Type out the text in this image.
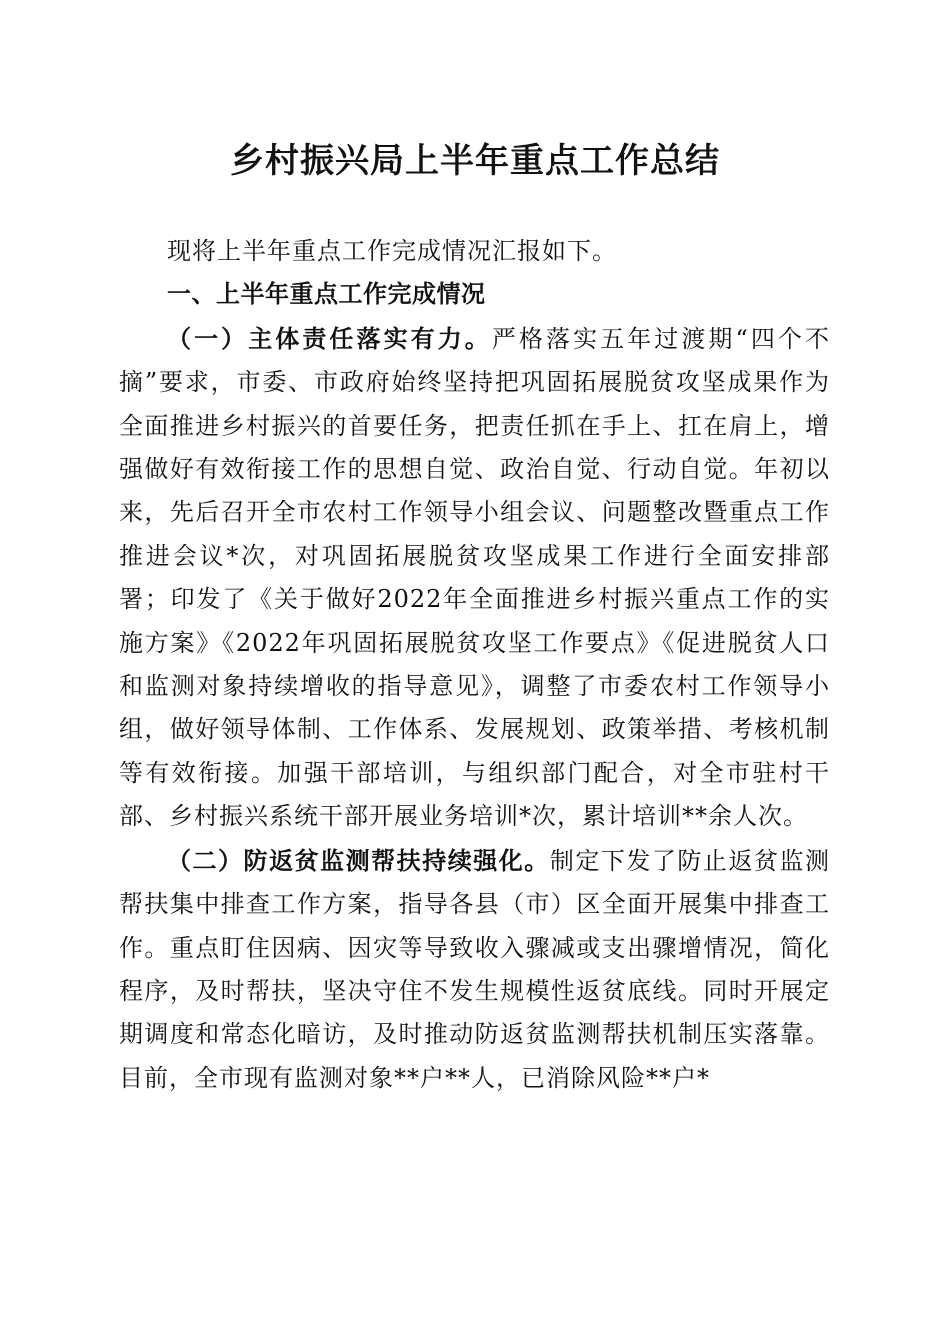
乡村振兴局上半年重点工作总结

现将上半年重点工作完成情况汇报如下。

一、上半年重点工作完成情况

（一）主体责任落实有力。严格落实五年过渡期“四个不摘”要求，市委、市政府始终坚持把巩固拓展脱贫攻坚成果作为全面推进乡村振兴的首要任务，把责任抓在手上、扛在肩上，增强做好有效衔接工作的思想自觉、政治自觉、行动自觉。年初以来，先后召开全市农村工作领导小组会议、问题整改暨重点工作推进会议*次，对巩固拓展脱贫攻坚成果工作进行全面安排部署；印发了《关于做好2022年全面推进乡村振兴重点工作的实施方案》《2022年巩固拓展脱贫攻坚工作要点》《促进脱贫人口和监测对象持续增收的指导意见》，调整了市委农村工作领导小组，做好领导体制、工作体系、发展规划、政策举措、考核机制等有效衔接。加强干部培训，与组织部门配合，对全市驻村干部、乡村振兴系统干部开展业务培训*次，累计培训**余人次。

（二）防返贫监测帮扶持续强化。制定下发了防止返贫监测帮扶集中排查工作方案，指导各县（市）区全面开展集中排查工作。重点盯住因病、因灾等导致收入骤减或支出骤增情况，简化程序，及时帮扶，坚决守住不发生规模性返贫底线。同时开展定期调度和常态化暗访，及时推动防返贫监测帮扶机制压实落靠。目前，全市现有监测对象**户**人，已消除风险**户*
